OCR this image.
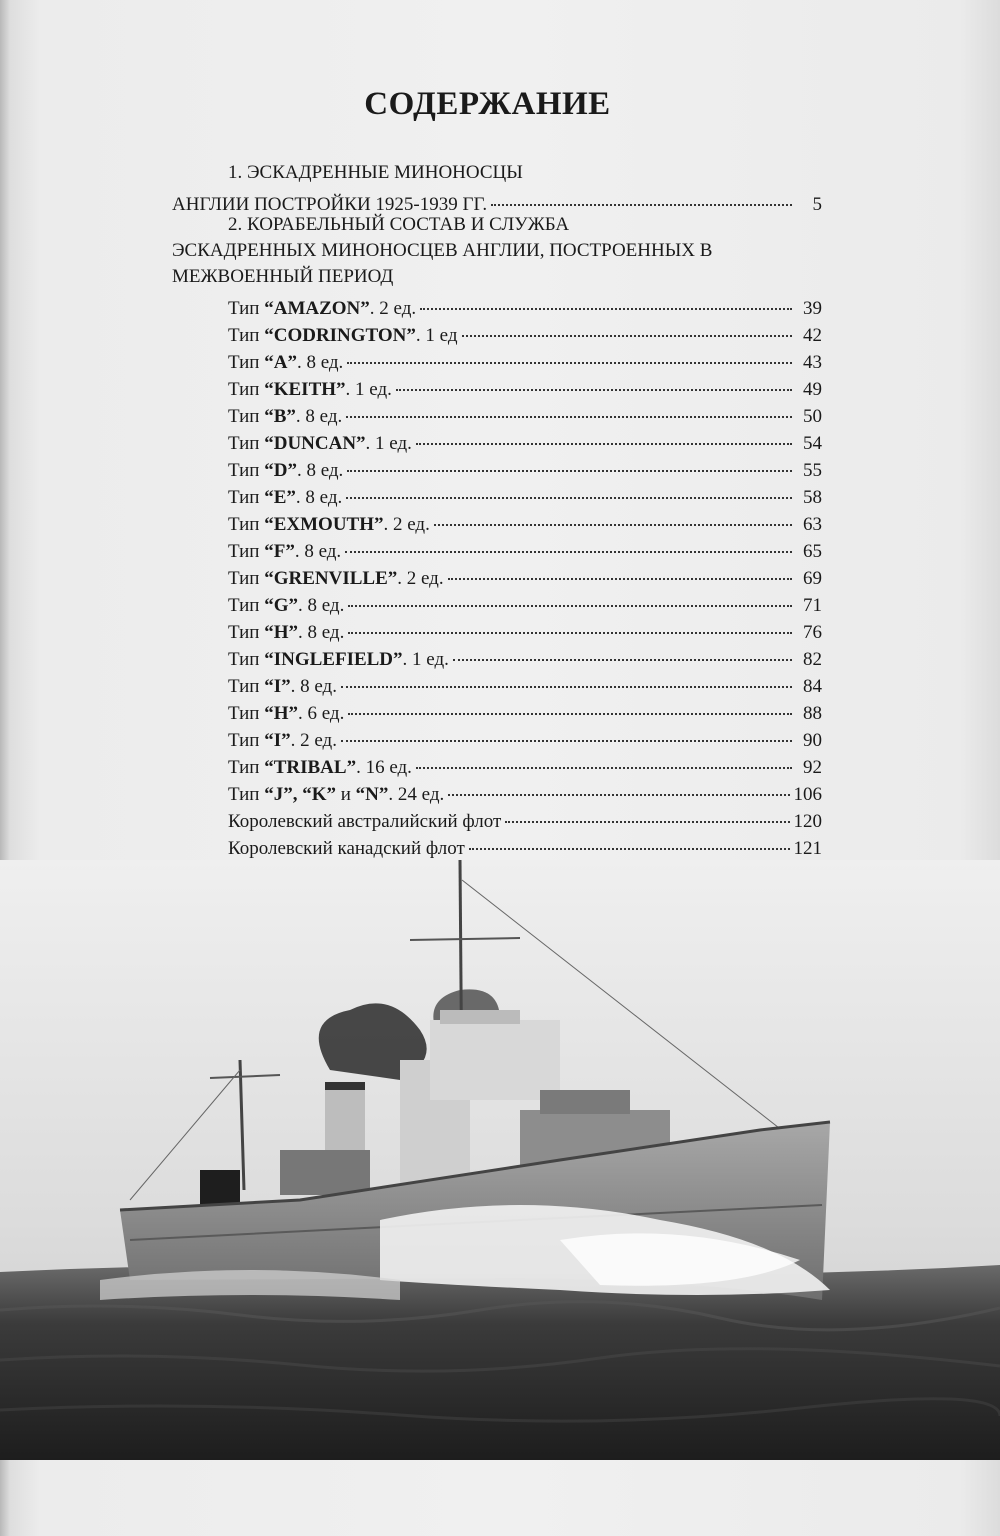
СОДЕРЖАНИЕ
1. ЭСКАДРЕННЫЕ МИНОНОСЦЫ
АНГЛИИ ПОСТРОЙКИ 1925-1939 ГГ.	5
2. КОРАБЕЛЬНЫЙ СОСТАВ И СЛУЖБА
ЭСКАДРЕННЫХ МИНОНОСЦЕВ АНГЛИИ, ПОСТРОЕННЫХ В
МЕЖВОЕННЫЙ ПЕРИОД
Тип “AMAZON”. 2 ед.	39
Тип “CODRINGTON”. 1 ед	42
Тип “A”. 8 ед.	43
Тип “KEITH”. 1 ед.	49
Тип “B”. 8 ед.	50
Тип “DUNCAN”. 1 ед.	54
Тип “D”. 8 ед.	55
Тип “E”. 8 ед.	58
Тип “EXMOUTH”. 2 ед.	63
Тип “F”. 8 ед.	65
Тип “GRENVILLE”. 2 ед.	69
Тип “G”. 8 ед.	71
Тип “H”. 8 ед.	76
Тип “INGLEFIELD”. 1 ед.	82
Тип “I”. 8 ед.	84
Тип “H”. 6 ед.	88
Тип “I”. 2 ед.	90
Тип “TRIBAL”. 16 ед.	92
Тип “J”, “K” и “N”. 24 ед.	106
Королевский австралийский флот	120
Королевский канадский флот	121
